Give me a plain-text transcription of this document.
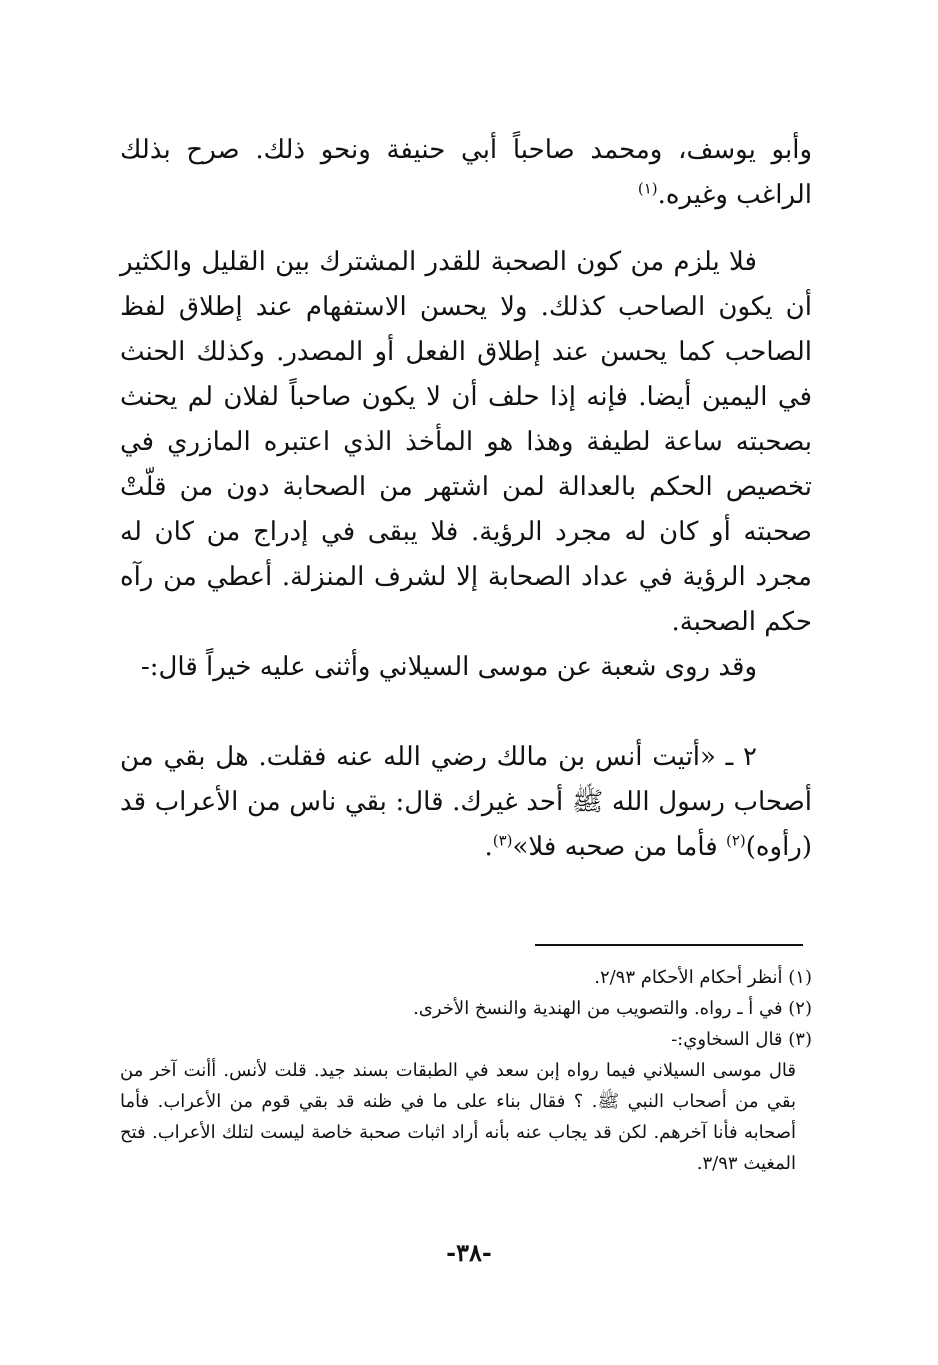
وأبو يوسف، ومحمد صاحباً أبي حنيفة ونحو ذلك. صرح بذلك الراغب وغيره.$^{(١)}$

فلا يلزم من كون الصحبة للقدر المشترك بين القليل والكثير أن يكون الصاحب كذلك. ولا يحسن الاستفهام عند إطلاق لفظ الصاحب كما يحسن عند إطلاق الفعل أو المصدر. وكذلك الحنث في اليمين أيضا. فإنه إذا حلف أن لا يكون صاحباً لفلان لم يحنث بصحبته ساعة لطيفة وهذا هو المأخذ الذي اعتبره المازري في تخصيص الحكم بالعدالة لمن اشتهر من الصحابة دون من قلّتْ صحبته أو كان له مجرد الرؤية. فلا يبقى في إدراج من كان له مجرد الرؤية في عداد الصحابة إلا لشرف المنزلة. أعطي من رآه حكم الصحبة.

وقد روى شعبة عن موسى السيلاني وأثنى عليه خيراً قال:-

٢ ـ «أتيت أنس بن مالك رضي الله عنه فقلت. هل بقي من أصحاب رسول الله ﷺ أحد غيرك. قال: بقي ناس من الأعراب قد (رأوه)$^{(٢)}$ فأما من صحبه فلا»$^{(٣)}$.

(١) أنظر أحكام الأحكام ٢/٩٣.

(٢) في أ ـ رواه. والتصويب من الهندية والنسخ الأخرى.

(٣) قال السخاوي:-

قال موسى السيلاني فيما رواه إبن سعد في الطبقات بسند جيد. قلت لأنس. أأنت آخر من بقي من أصحاب النبي ﷺ. ؟ فقال بناء على ما في ظنه قد بقي قوم من الأعراب. فأما أصحابه فأنا آخرهم. لكن قد يجاب عنه بأنه أراد اثبات صحبة خاصة ليست لتلك الأعراب. فتح المغيث ٣/٩٣.

-٣٨-
